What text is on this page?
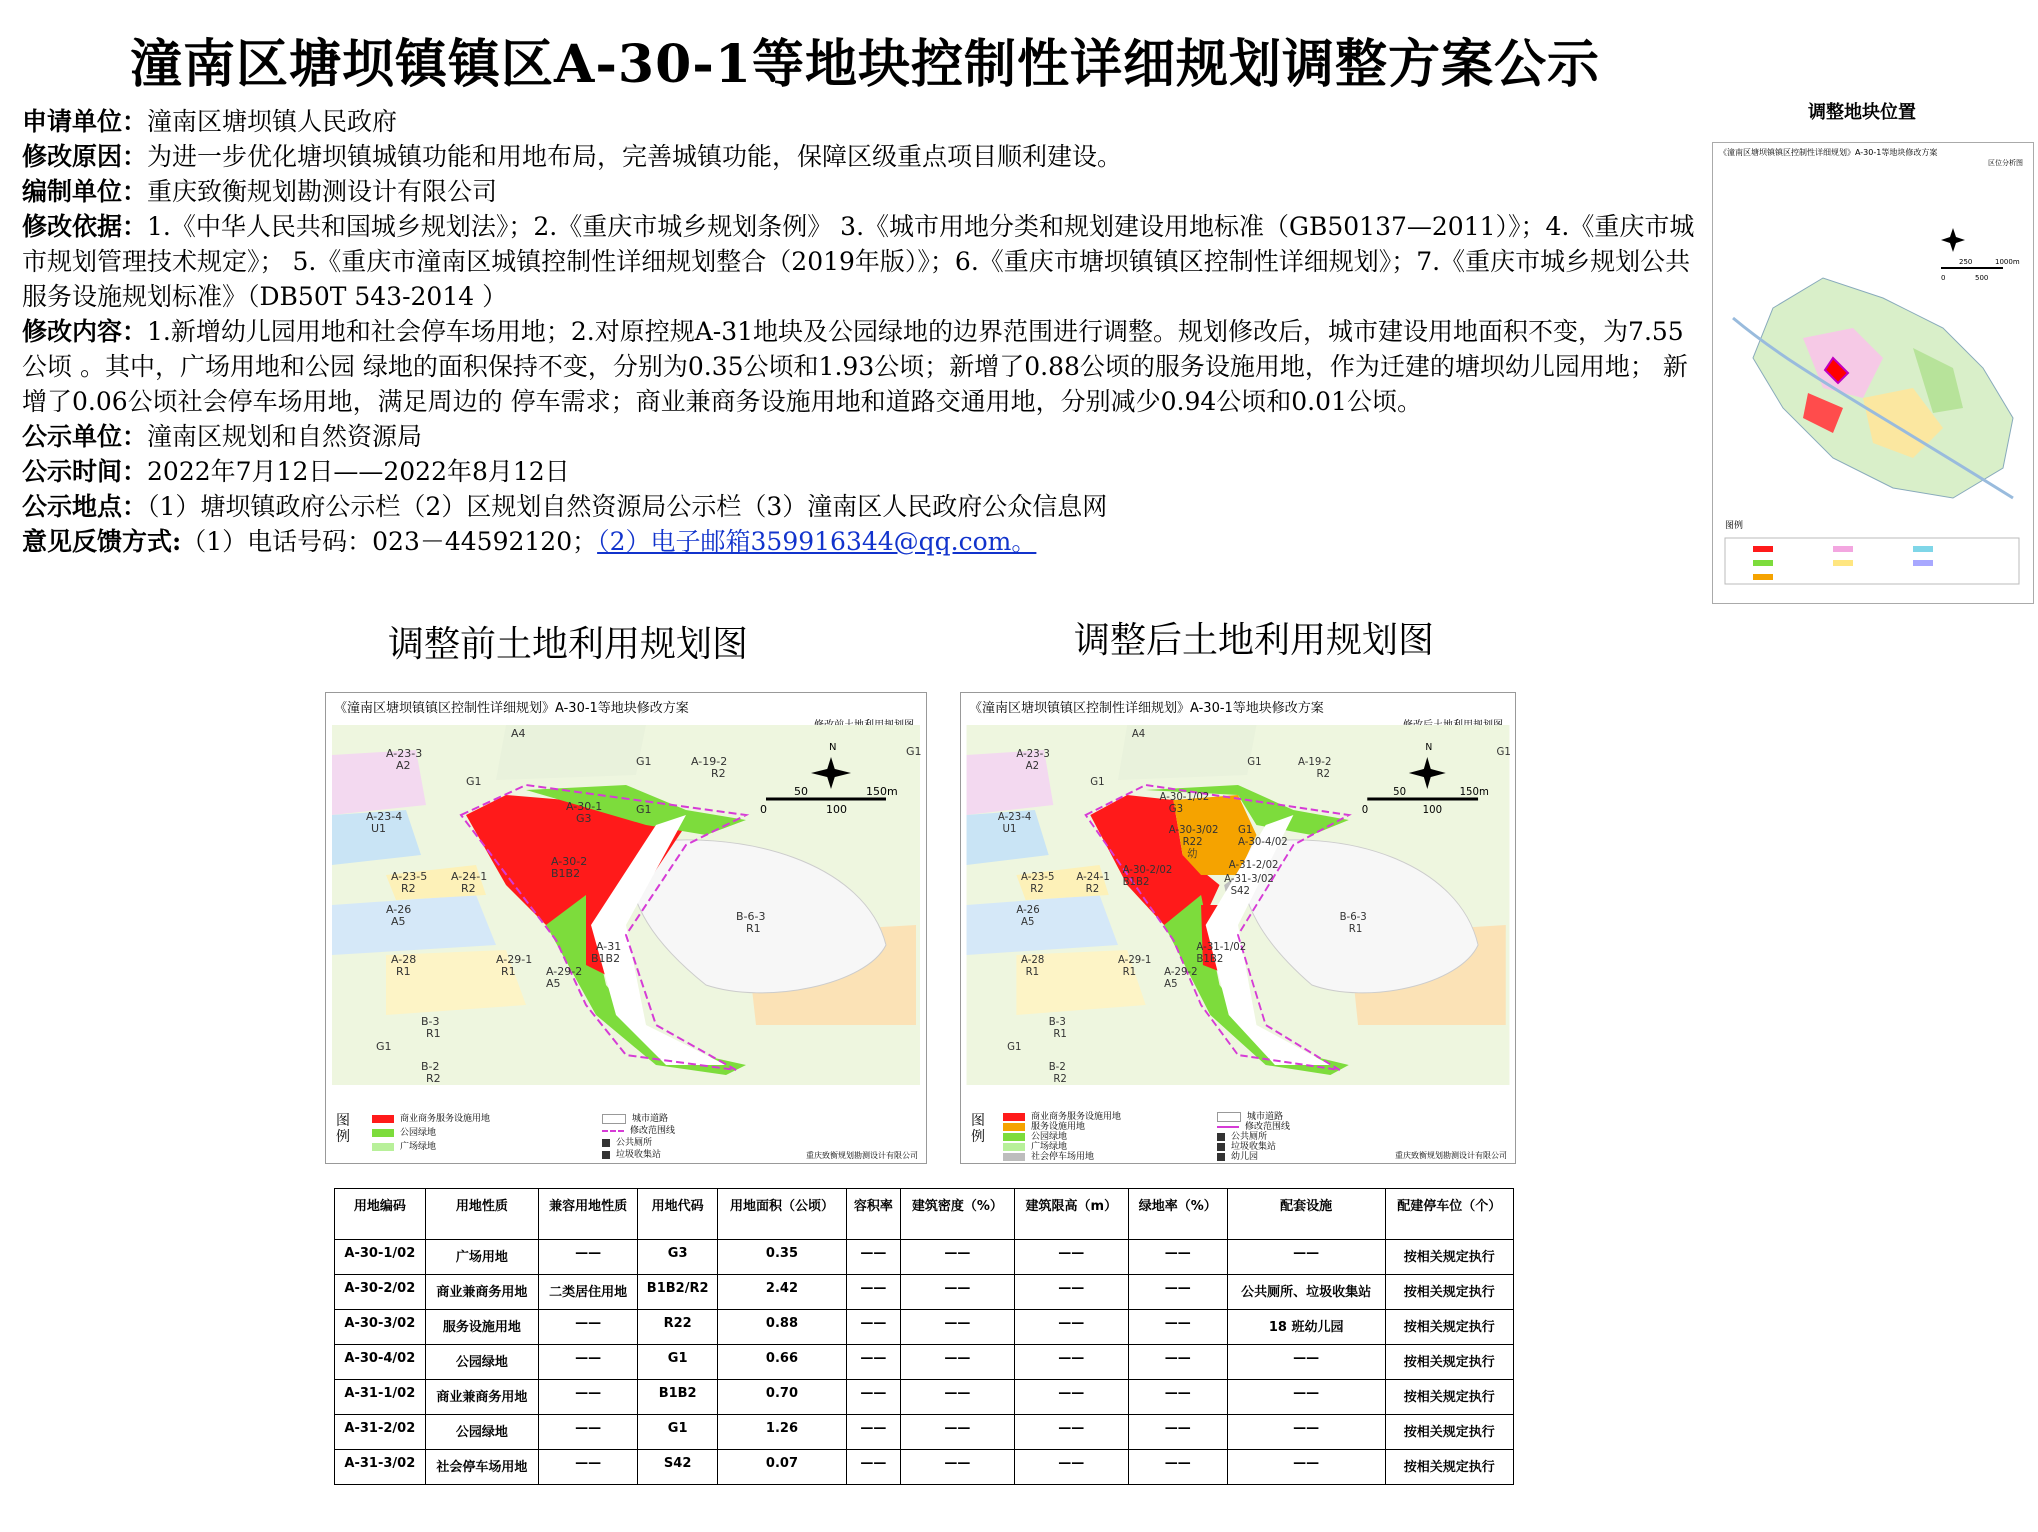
潼南区塘坝镇镇区A-30-1等地块控制性详细规划调整方案公示

申请单位：潼南区塘坝镇人民政府

修改原因：为进一步优化塘坝镇城镇功能和用地布局，完善城镇功能，保障区级重点项目顺利建设。

编制单位：重庆致衡规划勘测设计有限公司

修改依据：1.《中华人民共和国城乡规划法》；2.《重庆市城乡规划条例》 3.《城市用地分类和规划建设用地标准（GB50137—2011）》；4.《重庆市城市规划管理技术规定》； 5.《重庆市潼南区城镇控制性详细规划整合（2019年版）》；6.《重庆市塘坝镇镇区控制性详细规划》；7.《重庆市城乡规划公共服务设施规划标准》（DB50T 543-2014 ）

修改内容：1.新增幼儿园用地和社会停车场用地；2.对原控规A-31地块及公园绿地的边界范围进行调整。规划修改后，城市建设用地面积不变，为7.55公顷 。其中，广场用地和公园 绿地的面积保持不变，分别为0.35公顷和1.93公顷；新增了0.88公顷的服务设施用地，作为迁建的塘坝幼儿园用地； 新增了0.06公顷社会停车场用地，满足周边的 停车需求；商业兼商务设施用地和道路交通用地，分别减少0.94公顷和0.01公顷。

公示单位：潼南区规划和自然资源局

公示时间：2022年7月12日——2022年8月12日

公示地点：（1）塘坝镇政府公示栏（2）区规划自然资源局公示栏（3）潼南区人民政府公众信息网

意见反馈方式:（1）电话号码：023－44592120；（2）电子邮箱359916344@qq.com。

调整地块位置
《潼南区塘坝镇镇区控制性详细规划》A-30-1等地块修改方案
区位分析图
0
250
500
1000m
图例
调整前土地利用规划图	调整后土地利用规划图
《潼南区塘坝镇镇区控制性详细规划》A-30-1等地块修改方案
N
0
50
100
150m
A-23-3
A2
A-23-4
U1
A4
G1
G1	A-19-2
R2
A-30-1
G3
G1
A-30-2
B1B2
A-23-5
R2
A-24-1
R2
A-26
A5
A-31
B1B2
B-6-3
R1
A-28
R1
A-29-1
R1	A-29-2
A5
B-3
R1
G1
B-2
R2
G1
图
例
商业商务服务设施用地
公园绿地
广场绿地
城市道路
修改范围线
公共厕所
垃圾收集站	重庆致衡规划勘测设计有限公司
《潼南区塘坝镇镇区控制性详细规划》A-30-1等地块修改方案
N
0
50
100
150m
A-23-3
A2
A-23-4
U1
A4
G1
G1	A-19-2
R2
A-30-1/02
G3
A-30-3/02
R22
幼
G1
A-30-4/02
A-30-2/02
B1B2
A-31-2/02
A-31-3/02
S42
A-23-5
R2
A-24-1
R2
A-26
A5
A-31-1/02
B1B2
B-6-3
R1
A-28
R1
A-29-1
R1	A-29-2
A5
B-3
R1
G1
B-2
R2
G1
图
例
商业商务服务设施用地
服务设施用地
公园绿地
广场绿地
社会停车场用地
城市道路
修改范围线
公共厕所
垃圾收集站
幼儿园	重庆致衡规划勘测设计有限公司
用地编码	用地性质	兼容用地性质	用地代码	用地面积（公顷）	容积率	建筑密度（%）	建筑限高（m）	绿地率（%）	配套设施	配建停车位（个）
A-30-1/02	广场用地	——	G3	0.35	——	——	——	——	——	按相关规定执行
A-30-2/02	商业兼商务用地	二类居住用地	B1B2/R2	2.42	——	——	——	——	公共厕所、垃圾收集站	按相关规定执行
A-30-3/02	服务设施用地	——	R22	0.88	——	——	——	——	18 班幼儿园	按相关规定执行
A-30-4/02	公园绿地	——	G1	0.66	——	——	——	——	——	按相关规定执行
A-31-1/02	商业兼商务用地	——	B1B2	0.70	——	——	——	——	——	按相关规定执行
A-31-2/02	公园绿地	——	G1	1.26	——	——	——	——	——	按相关规定执行
A-31-3/02	社会停车场用地	——	S42	0.07	——	——	——	——	——	按相关规定执行
